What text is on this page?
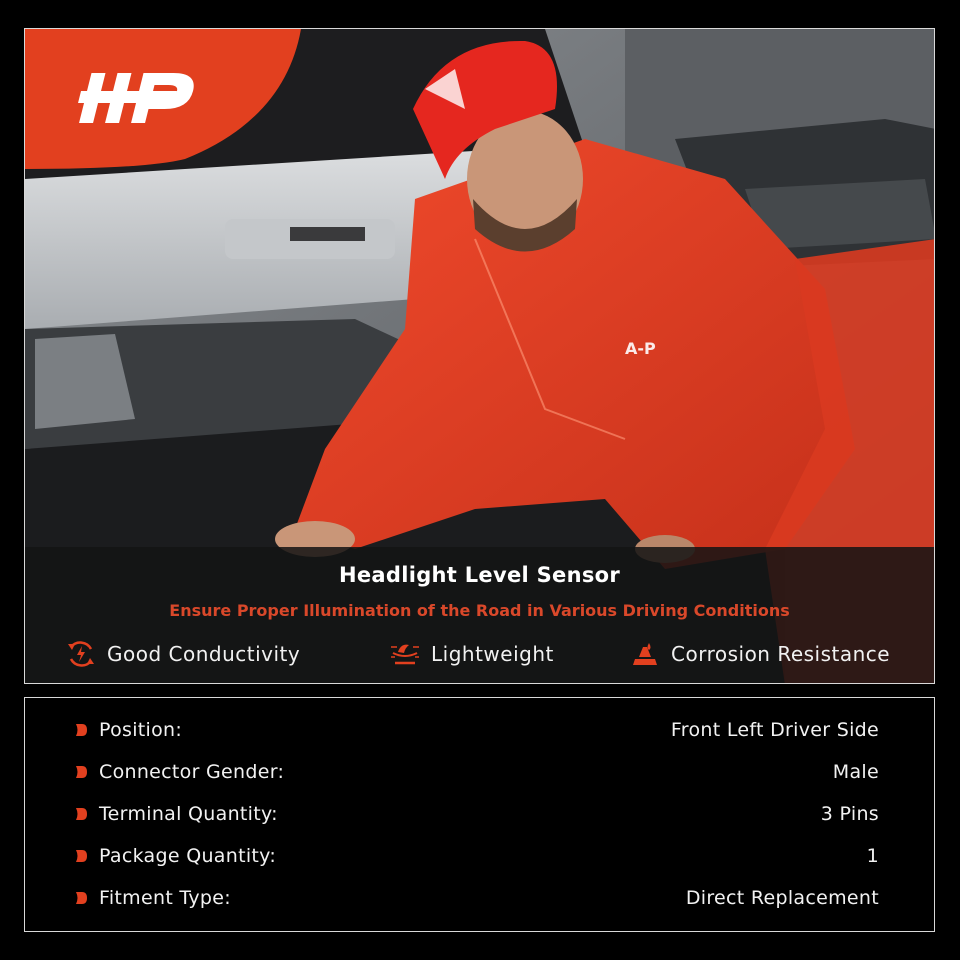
A-P
Headlight Level Sensor
Ensure Proper Illumination of the Road in Various Driving Conditions
Good Conductivity	Lightweight	Corrosion Resistance
Position:	Front Left Driver Side
Connector Gender:	Male
Terminal Quantity:	3 Pins
Package Quantity:	1
Fitment Type:	Direct Replacement
